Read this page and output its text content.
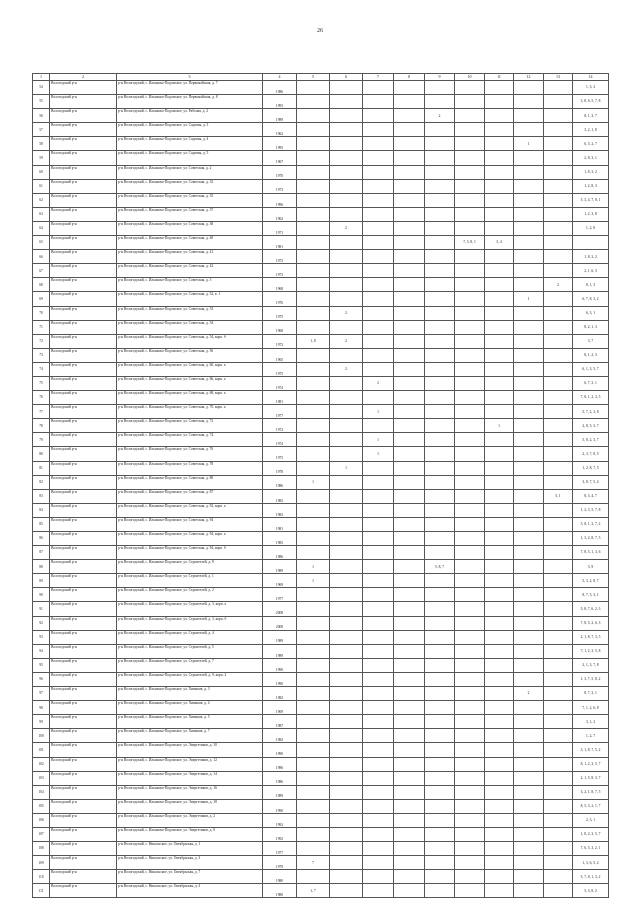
26
1	2	3	4	5	6	7	8	9	10	11	12	13	14
54	Вологодский р-н	р-н Вологодский, с. Ильинско-Подомское, ул. Первомайская, д. 7	1986										1, 3, 2
55	Вологодский р-н	р-н Вологодский, с. Ильинско-Подомское, ул. Первомайская, д. 8	1993										3, 8, 6, 5, 7, 8
56	Вологодский р-н	р-н Вологодский, с. Ильинско-Подомское, ул. Рабочая, д. 2	1989					2					8, 1, 3, 7
57	Вологодский р-н	р-н Вологодский, с. Ильинско-Подомское, ул. Садовая, д. 3	1962										3, 2, 1, 8
58	Вологодский р-н	р-н Вологодский, с. Ильинско-Подомское, ул. Садовая, д. 4	1995								1		6, 5, 2, 7
59	Вологодский р-н	р-н Вологодский, с. Ильинско-Подомское, ул. Садовая, д. 5	1967										2, 8, 3, 1
60	Вологодский р-н	р-н Вологодский, с. Ильинско-Подомское, ул. Советская, д. 2	1970										1, 8, 3, 2
61	Вологодский р-н	р-н Вологодский, с. Ильинско-Подомское, ул. Советская, д. 33	1973										1, 2, 8, 3
62	Вологодский р-н	р-н Вологодский, с. Ильинско-Подомское, ул. Советская, д. 35	1996										5, 3, 4, 7, 8, 1
63	Вологодский р-н	р-н Вологодский, с. Ильинско-Подомское, ул. Советская, д. 37	1962										1, 2, 3, 8
64	Вологодский р-н	р-н Вологодский, с. Ильинско-Подомское, ул. Советская, д. 38	1971		2								1, 2, 8
65	Вологодский р-н	р-н Вологодский, с. Ильинско-Подомское, ул. Советская, д. 40	1981						7, 3, 8, 1	3, 4			
66	Вологодский р-н	р-н Вологодский, с. Ильинско-Подомское, ул. Советская, д. 41	1973										1, 8, 3, 2
67	Вологодский р-н	р-н Вологодский, с. Ильинско-Подомское, ул. Советская, д. 42	1973										2, 1, 6, 3
68	Вологодский р-н	р-н Вологодский, с. Ильинско-Подомское, ул. Советская, д. 5	1968									2	8, 1, 3
69	Вологодский р-н	р-н Вологодский, с. Ильинско-Подомское, ул. Советская, д. 52, к. 1	1976								1		6, 7, 8, 3, 2
70	Вологодский р-н	р-н Вологодский, с. Ильинско-Подомское, ул. Советская, д. 53	1975		2								6, 3, 1
71	Вологодский р-н	р-н Вологодский, с. Ильинско-Подомское, ул. Советская, д. 54	1968										8, 2, 1, 3
72	Вологодский р-н	р-н Вологодский, с. Ильинско-Подомское, ул. Советская, д. 54, корп. б	1972	1, 8	2								3, 7
73	Вологодский р-н	р-н Вологодский, с. Ильинско-Подомское, ул. Советская, д. 56	1965										8, 1, 2, 3
74	Вологодский р-н	р-н Вологодский, с. Ильинско-Подомское, ул. Советская, д. 60, корп. а	1975		2								6, 1, 3, 5, 7
75	Вологодский р-н	р-н Вологодский, с. Ильинско-Подомское, ул. Советская, д. 66, корп. а	1974			2							6, 7, 3, 1
76	Вологодский р-н	р-н Вологодский, с. Ильинско-Подомское, ул. Советская, д. 68, корп. а	1981										7, 8, 1, 2, 3, 5
77	Вологодский р-н	р-н Вологодский, с. Ильинско-Подомское, ул. Советская, д. 70, корп. а	1977			1							5, 7, 2, 3, 8
78	Вологодский р-н	р-н Вологодский, с. Ильинско-Подомское, ул. Советская, д. 72	1972							1			2, 8, 5, 3, 7
79	Вологодский р-н	р-н Вологодский, с. Ильинско-Подомское, ул. Советская, д. 74	1974			1							5, 8, 2, 3, 7
80	Вологодский р-н	р-н Вологодский, с. Ильинско-Подомское, ул. Советская, д. 76	1973			1							2, 3, 7, 8, 5
81	Вологодский р-н	р-н Вологодский, с. Ильинско-Подомское, ул. Советская, д. 78	1978		1								1, 2, 8, 7, 5
82	Вологодский р-н	р-н Вологодский, с. Ильинско-Подомское, ул. Советская, д. 80	1986	1									3, 8, 7, 5, 4
83	Вологодский р-н	р-н Вологодский, с. Ильинско-Подомское, ул. Советская, д. 87	1982									5, 1	8, 3, 4, 7
84	Вологодский р-н	р-н Вологодский, с. Ильинско-Подомское, ул. Советская, д. 92, корп. а	1983										1, 2, 3, 5, 7, 8
85	Вологодский р-н	р-н Вологодский, с. Ильинско-Подомское, ул. Советская, д. 94	1981										5, 8, 1, 3, 7, 2
86	Вологодский р-н	р-н Вологодский, с. Ильинско-Подомское, ул. Советская, д. 94, корп. а	1983										1, 3, 2, 8, 7, 5
87	Вологодский р-н	р-н Вологодский, с. Ильинско-Подомское, ул. Советская, д. 94, корп. б	1986										7, 8, 5, 1, 3, 6
88	Вологодский р-н	р-н Вологодский, с. Ильинско-Подомское, ул. Строителей, д. 8	1989	1				5, 8, 7					3, 9
89	Вологодский р-н	р-н Вологодский, с. Ильинско-Подомское, ул. Строителей, д. 1	1969	1									5, 3, 2, 8, 7
90	Вологодский р-н	р-н Вологодский, с. Ильинско-Подомское, ул. Строителей, д. 2	1977										8, 7, 5, 3, 1
91	Вологодский р-н	р-н Вологодский, с. Ильинско-Подомское, ул. Строителей, д. 3, корп. а	2008										5, 8, 7, 6, 2, 3
92	Вологодский р-н	р-н Вологодский, с. Ильинско-Подомское, ул. Строителей, д. 3, корп. б	2008										7, 8, 5, 2, 6, 3
93	Вологодский р-н	р-н Вологодский, с. Ильинско-Подомское, ул. Строителей, д. 4	1989										2, 1, 8, 7, 3, 5
94	Вологодский р-н	р-н Вологодский, с. Ильинско-Подомское, ул. Строителей, д. 5	1989										7, 1, 2, 3, 5, 8
95	Вологодский р-н	р-н Вологодский, с. Ильинско-Подомское, ул. Строителей, д. 7	1990										2, 1, 3, 7, 8
96	Вологодский р-н	р-н Вологодский, с. Ильинско-Подомское, ул. Строителей, д. 9, корп. 2	1990										1, 3, 7, 5, 8, 2
97	Вологодский р-н	р-н Вологодский, с. Ильинско-Подомское, ул. Химиков, д. 3	1982								2		8, 7, 3, 1
98	Вологодский р-н	р-н Вологодский, с. Ильинско-Подомское, ул. Химиков, д. 4	1969										7, 1, 2, 6, 8
99	Вологодский р-н	р-н Вологодский, с. Ильинско-Подомское, ул. Химиков, д. 5	1987										3, 1, 2
100	Вологодский р-н	р-н Вологодский, с. Ильинско-Подомское, ул. Химиков, д. 7	1982										1, 2, 7
101	Вологодский р-н	р-н Вологодский, с. Ильинско-Подомское, ул. Энергетиков, д. 10	1990										3, 1, 8, 7, 5, 2
102	Вологодский р-н	р-н Вологодский, с. Ильинско-Подомское, ул. Энергетиков, д. 12	1986										8, 1, 2, 3, 5, 7
103	Вологодский р-н	р-н Вологодский, с. Ильинско-Подомское, ул. Энергетиков, д. 14	1986										2, 1, 5, 8, 3, 7
104	Вологодский р-н	р-н Вологодский, с. Ильинско-Подомское, ул. Энергетиков, д. 16	1989										3, 2, 1, 8, 7, 5
105	Вологодский р-н	р-н Вологодский, с. Ильинско-Подомское, ул. Энергетиков, д. 18	1990										8, 5, 3, 2, 1, 7
106	Вологодский р-н	р-н Вологодский, с. Ильинско-Подомское, ул. Энергетиков, д. 2	1992										2, 3, 1
107	Вологодский р-н	р-н Вологодский, с. Ильинско-Подомское, ул. Энергетиков, д. 8	1992										1, 8, 2, 3, 5, 7
108	Вологодский р-н	р-н Вологодский, с. Никольское, ул. Октябрьская, д. 1	1977										7, 6, 5, 3, 2, 1
109	Вологодский р-н	р-н Вологодский, с. Никольское, ул. Октябрьская, д. 3	1979	7									1, 3, 6, 5, 2
110	Вологодский р-н	р-н Вологодский, с. Никольское, ул. Октябрьская, д. 7	1980										5, 7, 8, 1, 3, 2
111	Вологодский р-н	р-н Вологодский, с. Никольское, ул. Октябрьская, д. 4	1980	1, 7									5, 3, 8, 2
